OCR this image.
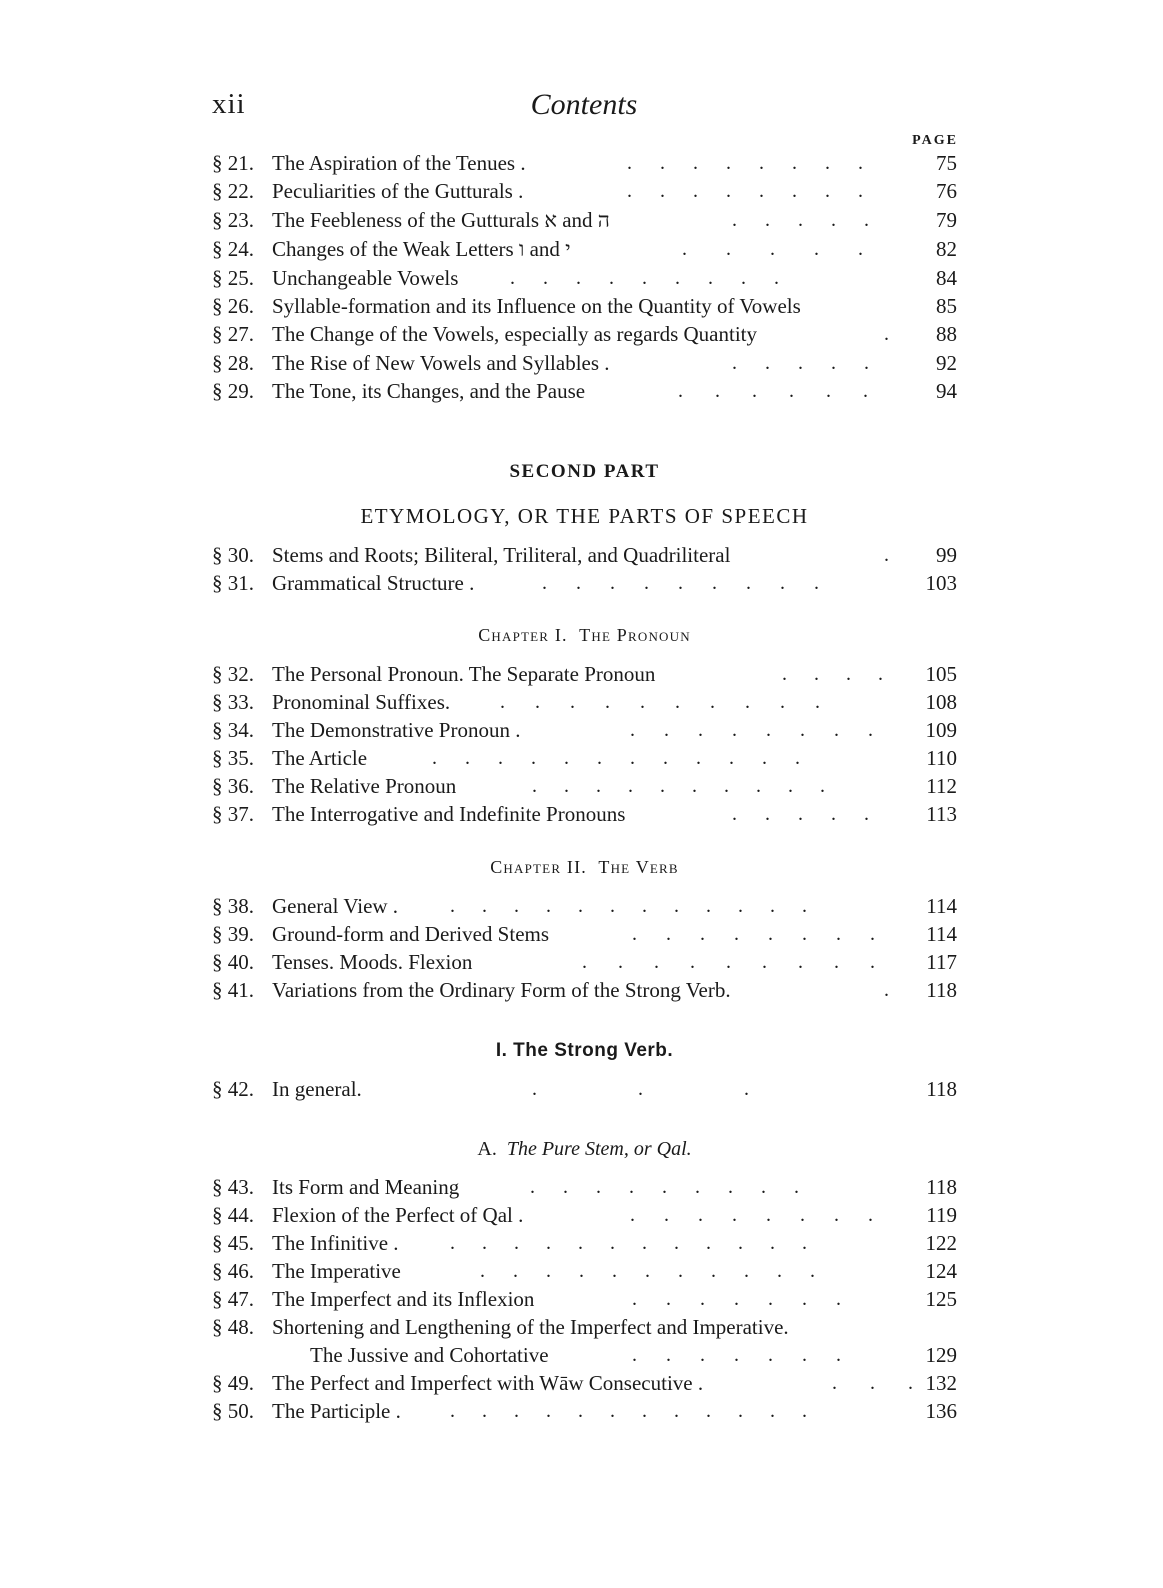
xii	Contents
PAGE
§ 21. The Aspiration of the Tenues .	. . . . . . . .	75
§ 22. Peculiarities of the Gutturals .	. . . . . . . .	76
§ 23. The Feebleness of the Gutturals א and ה	. . . . .	79
§ 24. Changes of the Weak Letters ו and י	. . . . .	82
§ 25. Unchangeable Vowels	. . . . . . . . .	84
§ 26. Syllable-formation and its Influence on the Quantity of Vowels	85
§ 27. The Change of the Vowels, especially as regards Quantity	. 88
§ 28. The Rise of New Vowels and Syllables .	. . . . .	92
§ 29. The Tone, its Changes, and the Pause	. . . . . .	94
SECOND PART
ETYMOLOGY, OR THE PARTS OF SPEECH
§ 30. Stems and Roots; Biliteral, Triliteral, and Quadriliteral	. 99
§ 31. Grammatical Structure .	. . . . . . . . .	103
Chapter I. The Pronoun
§ 32. The Personal Pronoun. The Separate Pronoun	. . . . 105
§ 33. Pronominal Suffixes. . . . . . . . . . .	108
§ 34. The Demonstrative Pronoun .	. . . . . . . .	109
§ 35. The Article	. . . . . . . . . . . .	110
§ 36. The Relative Pronoun	. . . . . . . . . .	112
§ 37. The Interrogative and Indefinite Pronouns	. . . . .	113
Chapter II. The Verb
§ 38. General View .	. . . . . . . . . . . .	114
§ 39. Ground-form and Derived Stems	. . . . . . . . 114
§ 40. Tenses. Moods. Flexion	. . . . . . . . . 117
§ 41. Variations from the Ordinary Form of the Strong Verb.	. 118
I. The Strong Verb.
§ 42. In general.	. . .	118
A. The Pure Stem, or Qal.
§ 43. Its Form and Meaning	. . . . . . . . .	118
§ 44. Flexion of the Perfect of Qal .	. . . . . . . .	119
§ 45. The Infinitive .	. . . . . . . . . . . .	122
§ 46. The Imperative	. . . . . . . . . . .	124
§ 47. The Imperfect and its Inflexion	. . . . . . .	125
§ 48. Shortening and Lengthening of the Imperfect and Imperative.
The Jussive and Cohortative	. . . . . . .	129
§ 49. The Perfect and Imperfect with Wāw Consecutive .	. . . 132
§ 50. The Participle . . . . . . . . . . . . .	136
